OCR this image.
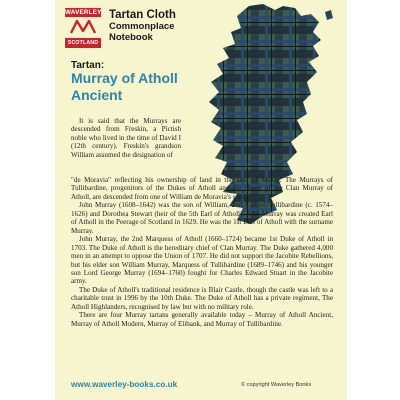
WAVERLEY
SCOTLAND
Tartan Cloth
Commonplace
Notebook
Tartan:
Murray of Atholl Ancient

It is said that the Murrays are descended from Freskin, a Pictish noble who lived in the time of David I (12th century). Freskin's grandson William assumed the designation of

"de Moravia" reflecting his ownership of land in the area of Moray. The Murrays of Tullibardine, progenitors of the Dukes of Atholl and the chiefs of the Clan Murray of Atholl, are descended from one of William de Moravia's sons.

John Murray (1608–1642) was the son of William, 2nd Earl of Tullibardine (c. 1574–1626) and Dorothea Stewart (heir of the 5th Earl of Atholl). John Murray was created Earl of Atholl in the Peerage of Scotland in 1629. He was the 1st Earl of Atholl with the surname Murray.

John Murray, the 2nd Marquess of Atholl (1660–1724) became 1st Duke of Atholl in 1703. The Duke of Atholl is the hereditary chief of Clan Murray. The Duke gathered 4,000 men in an attempt to oppose the Union of 1707. He did not support the Jacobite Rebellions, but his elder son William Murray, Marquess of Tullibardine (1689–1746) and his younger son Lord George Murray (1694–1760) fought for Charles Edward Stuart in the Jacobite army.

The Duke of Atholl's traditional residence is Blair Castle, though the castle was left to a charitable trust in 1996 by the 10th Duke. The Duke of Atholl has a private regiment, The Atholl Highlanders, recognised by law but with no military role.

There are four Murray tartans generally available today – Murray of Atholl Ancient, Murray of Atholl Modern, Murray of Elibank, and Murray of Tullibardine.

www.waverley-books.co.uk	© copyright Waverley Books
